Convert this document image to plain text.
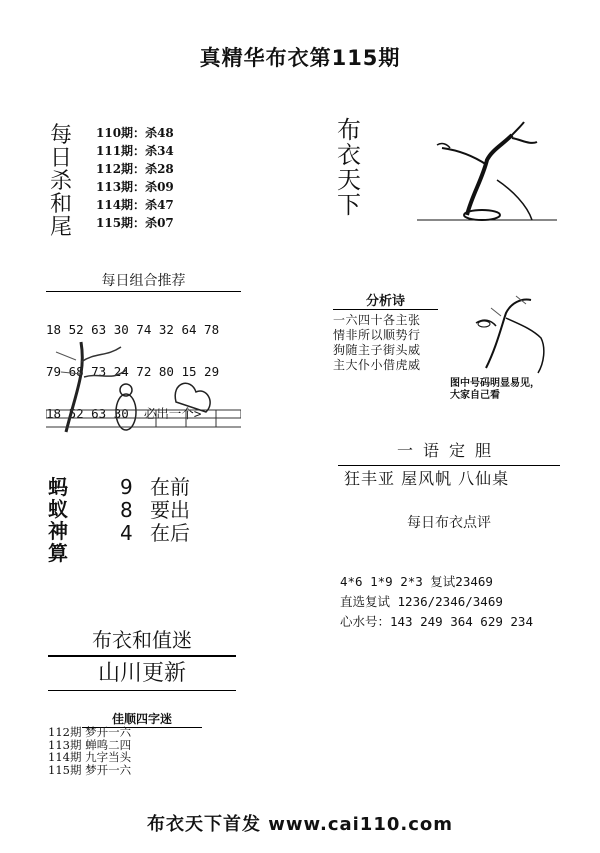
真精华布衣第115期
每
日
杀
和
尾
110期：杀48
111期：杀34
112期：杀28
113期：杀09
114期：杀47
115期：杀07
每日组合推荐

18 52 63 30 74 32 64 78

79 68 73 24 72 80 15 29

18 52 63 30  必出一个>

蚂
蚁
神
算
9 在前
8 要出
4 在后
布衣和值迷
山川更新
佳顺四字迷
112期 梦开一六
113期 蝉鸣二四
114期 九字当头
115期 梦开一六
布
衣
天
下
分析诗
一六四十各主张
情非所以顺势行
狗随主子街头威
主大仆小借虎威
图中号码明显易见，
大家自己看
一语定胆
狂丰亚 屋风帆 八仙桌
每日布衣点评
4*6 1*9 2*3 复试23469
直选复试 1236/2346/3469
心水号：143 249 364 629 234
布衣天下首发 www.cai110.com
